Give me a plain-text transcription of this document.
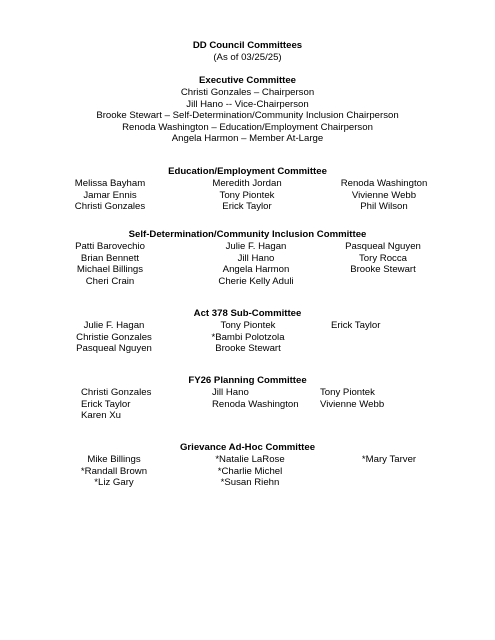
DD Council Committees
(As of 03/25/25)
Executive Committee
Christi Gonzales – Chairperson
Jill Hano -- Vice-Chairperson
Brooke Stewart – Self-Determination/Community Inclusion Chairperson
Renoda Washington – Education/Employment Chairperson
Angela Harmon – Member At-Large
Education/Employment Committee
Melissa Bayham
Jamar Ennis
Christi Gonzales
Meredith Jordan
Tony Piontek
Erick Taylor
Renoda Washington
Vivienne Webb
Phil Wilson
Self-Determination/Community Inclusion Committee
Patti Barovechio
Brian Bennett
Michael Billings
Cheri Crain
Julie F. Hagan
Jill Hano
Angela Harmon
Cherie Kelly Aduli
Pasqueal Nguyen
Tory Rocca
Brooke Stewart
Act 378 Sub-Committee
Julie F. Hagan
Christie Gonzales
Pasqueal Nguyen
Tony Piontek
*Bambi Polotzola
Brooke Stewart
Erick Taylor
FY26 Planning Committee
Christi Gonzales
Erick Taylor
Karen Xu
Jill Hano
Renoda Washington
Tony Piontek
Vivienne Webb
Grievance Ad-Hoc Committee
Mike Billings
*Randall Brown
*Liz Gary
*Natalie LaRose
*Charlie Michel
*Susan Riehn
*Mary Tarver
